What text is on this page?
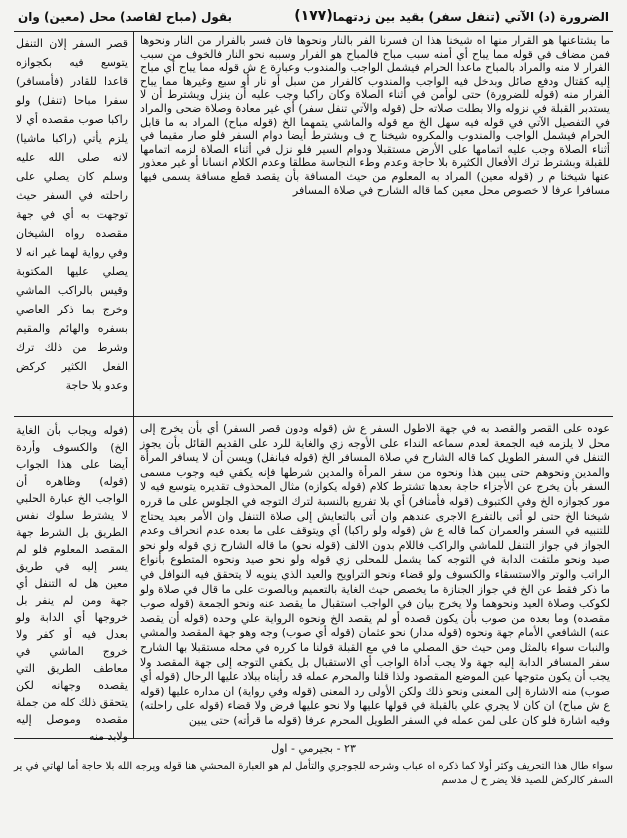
الضرورة (د) الآتي (تنفل سفر) بقيد بين زدتهما
(١٧٧)
بقول (مباح لقاصد) محل (معين) وان
ما يشتاعنها هو القرار منها اه شيخنا هذا ان فسرنا الفر بالنار ونحوها فان فسر بالفرار من النار ونحوها فمن مضاف في قوله مما يباح أي أمنه سبب مباح فالمباح هو الفرار وسببه نحو النار فالخوف من سبب الفرار لا منه والمراد بالمباح ماعدا الحرام فيشمل الواجب والمندوب وعبارة ع ش قوله مما يباح أي مباح إليه كقتال ودفع صائل وبدخل فيه الواجب والمندوب كالفرار من سبل أو نار أو سبع وغيرها مما يباح الفرار منه (قوله للضرورة) حتى لوأمن في أثناء الصلاة وكان راكبا وجب عليه أن ينزل ويشترط أن لا يستدبر القبلة في نزوله والا بطلت صلاته حل (قوله والآتي تنفل سفر) أي غير معادة وصلاة ضحى والمراد في التفصيل الآتي في قوله فيه سهل الخ مع قوله والماشي يتمهما الخ (قوله مباح) المراد به ما قابل الحرام فيشمل الواجب والمندوب والمكروه شيخنا ح ف وبشترط أيضا دوام السفر فلو صار مقيما في أثناء الصلاة وجب عليه اتمامها على الأرض مستقبلا ودوام السير فلو نزل في أثناء الصلاة لزمه اتمامها للقبلة وبشترط ترك الأفعال الكثيرة بلا حاجة وعدم وطء النجاسة مطلقا وعدم الكلام انسانا أو غير معذور عنها شيخنا م ر (قوله معين) المراد به المعلوم من حيث المسافة بأن يقصد قطع مسافة يسمى فيها مسافرا عرفا لا خصوص محل معين كما قاله الشارح في صلاة المسافر
عوده على القصر والقصد به في جهة الاطول السفر ع ش (قوله ودون قصر السفر) أي بأن يخرج إلى محل لا يلزمه فيه الجمعة لعدم سماعه النداء على الأوجه زي والغاية للرد على القديم القائل بأن يجوز التنفل في السفر الطويل كما قاله الشارح في صلاة المسافر الخ (قوله فبانفل) ويسن أن لا يسافر المرأة والمدين ونحوهم حتى يبين هذا ونحوه من سفر المرأة والمدين شرطها فإنه يكفي فيه وجوب مسمى السفر بأن يخرج عن الأجزاء حاجة بعدها تشترط كلام (قوله يكوازه) مثال المحذوف تقديره يتوسع فيه لا مور كجوازه الخ وفي الكتبوف (قوله فأمنافر) أي بلا تفريع بالنسبة لترك التوجه في الجلوس على ما قرره شيخنا الخ حتى لو أتى بالتفرع الاجرى عندهم وان أتى بالتعايش إلى صلاة التنفل وان الأمر بعيد يحتاج للتنبيه في السفر والعمران كما قاله ع ش (قوله ولو راكبا) أي ويتوقف على ما بعده عدم انحراف وعدم الجواز في جواز التنفل للماشي والراكب فاللام بدون الالف (قوله نحو) ما قاله الشارح زي قوله ولو نحو صيد ونحو ملتفت الدابة في التوجه كما يشمل للمحلى زي قوله ولو نحو صيد ونحوه المتطوع بأنواع الراتب والوتر والاستسقاء والكسوف ولو قضاء ونحو التراويح والعيد الذي ينويه لا يتحقق فيه النوافل في ما ذكر فقط عن الخ في جواز الجنازة ما يخصص حيث الغاية بالتعميم وبالصوت على ما قال في صلاة ولو لكوكب وصلاة العيد ونحوهما ولا يخرج بيان في الواجب استقبال ما يقصد عنه ونحو الجمعة (قوله صوب مقصده) وما بعده من صوب بأن يكون قصده أو لم يقصد الخ ونحوه الرواية علي وحده (قوله أن يقصد عنه) الشافعي الأمام جهة ونحوه (قوله مدار) نحو عثمان (قوله أي صوب) وجه وهو جهة المقصد والمشي والنبات سواء بالمثل ومن حيث حق المصلي ما في مع القبلة قولنا ما كرره في محله مستقبلا بها الشارح سفر المسافر الدابة إليه جهة ولا يجب أداة الواجب أي الاستقبال بل يكفي التوجه إلى جهة المقصد ولا يجب أن يكون متوجها عين الموضع المقصود ولذا قلنا والمحرم عمله قد رأيناه ببلاد عليها الرحال (قوله أي صوب) منه الاشارة إلى المعنى ونحو ذلك ولكن الأولى رد المعنى (قوله وفي رواية) ان مداره عليها (قوله ع ش مباح) ان كان لا يجري علي بالقبلة في قولها عليها ولا نحو عليها فرض ولا قضاء (قوله على راحلته) وفيه اشارة فلو كان على لمن عمله في السفر الطويل المحرم عرفا (قوله ما قرأته) حتى يبين
قصر السفر إلان التنفل يتوسع فيه بكجوازه قاعدا للقادر (فأمسافر) سفرا مباحا (تنفل) ولو راكبا صوب مقصده أي لا يلزم يأتي (راكبا ماشيا) لانه صلى الله عليه وسلم كان يصلي على راحلته في السفر حيث توجهت به أي في جهة مقصده رواه الشيخان وفي رواية لهما غير انه لا يصلي عليها المكتوبة وقيس بالراكب الماشي وخرج بما ذكر العاصي بسفره والهائم والمقيم وشرط من ذلك ترك الفعل الكثير كركض وعدو بلا حاجة
(فوله ويجاب بأن الغاية الخ) والكسوف وأردة أيضا على هذا الجواب (قوله) وظاهره أن الواجب الخ عبارة الحلبي لا يشترط سلوك نفس الطريق بل الشرط جهة المقصد المعلوم فلو لم يسر إليه في طريق معين هل له التنفل أي جهة ومن لم ينفر بل خروجها أي الدابة ولو بعدل فيه أو كفر ولا خروج الماشي في معاطف الطريق التي يقصده وجهانه لكن يتحقق ذلك كله من جملة مقصده وموصل إليه ولابد منه
٢٣ - بجيرمي - اول
سواء طال هذا التحريف وكثر أولا كما ذكره اه عباب وشرحه للجوجري والتأمل لم هو العبارة المحشي هنا قوله ويرجه الله بلا حاجة أما لهاتي في ير السفر كالركض للصيد فلا يضر ح ل مدسم
